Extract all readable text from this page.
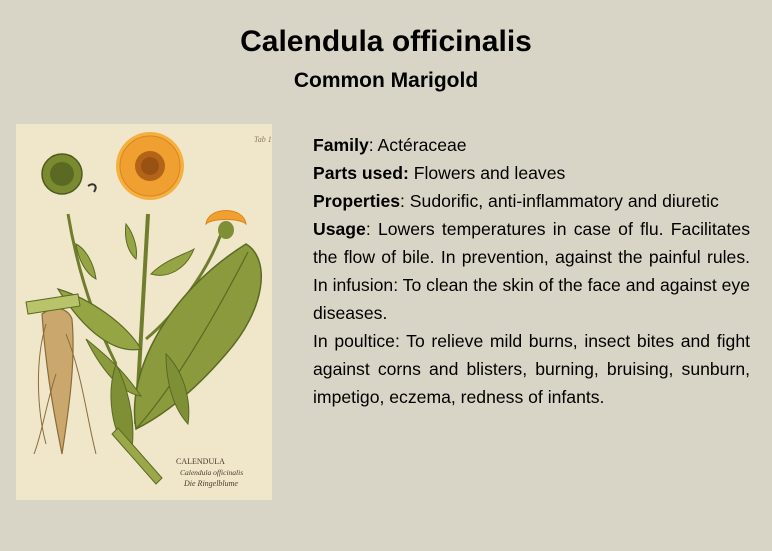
Calendula officinalis
Common Marigold
Tab 1
CALENDULA
Calendula officinalis
Die Ringelblume

Family: Actéraceae

Parts used: Flowers and leaves

Properties: Sudorific, anti-inflammatory and diuretic

Usage: Lowers temperatures in case of flu. Facilitates the flow of bile. In prevention, against the painful rules. In infusion: To clean the skin of the face and against eye diseases.

In poultice: To relieve mild burns, insect bites and fight against corns and blisters, burning, bruising, sunburn, impetigo, eczema, redness of infants.
